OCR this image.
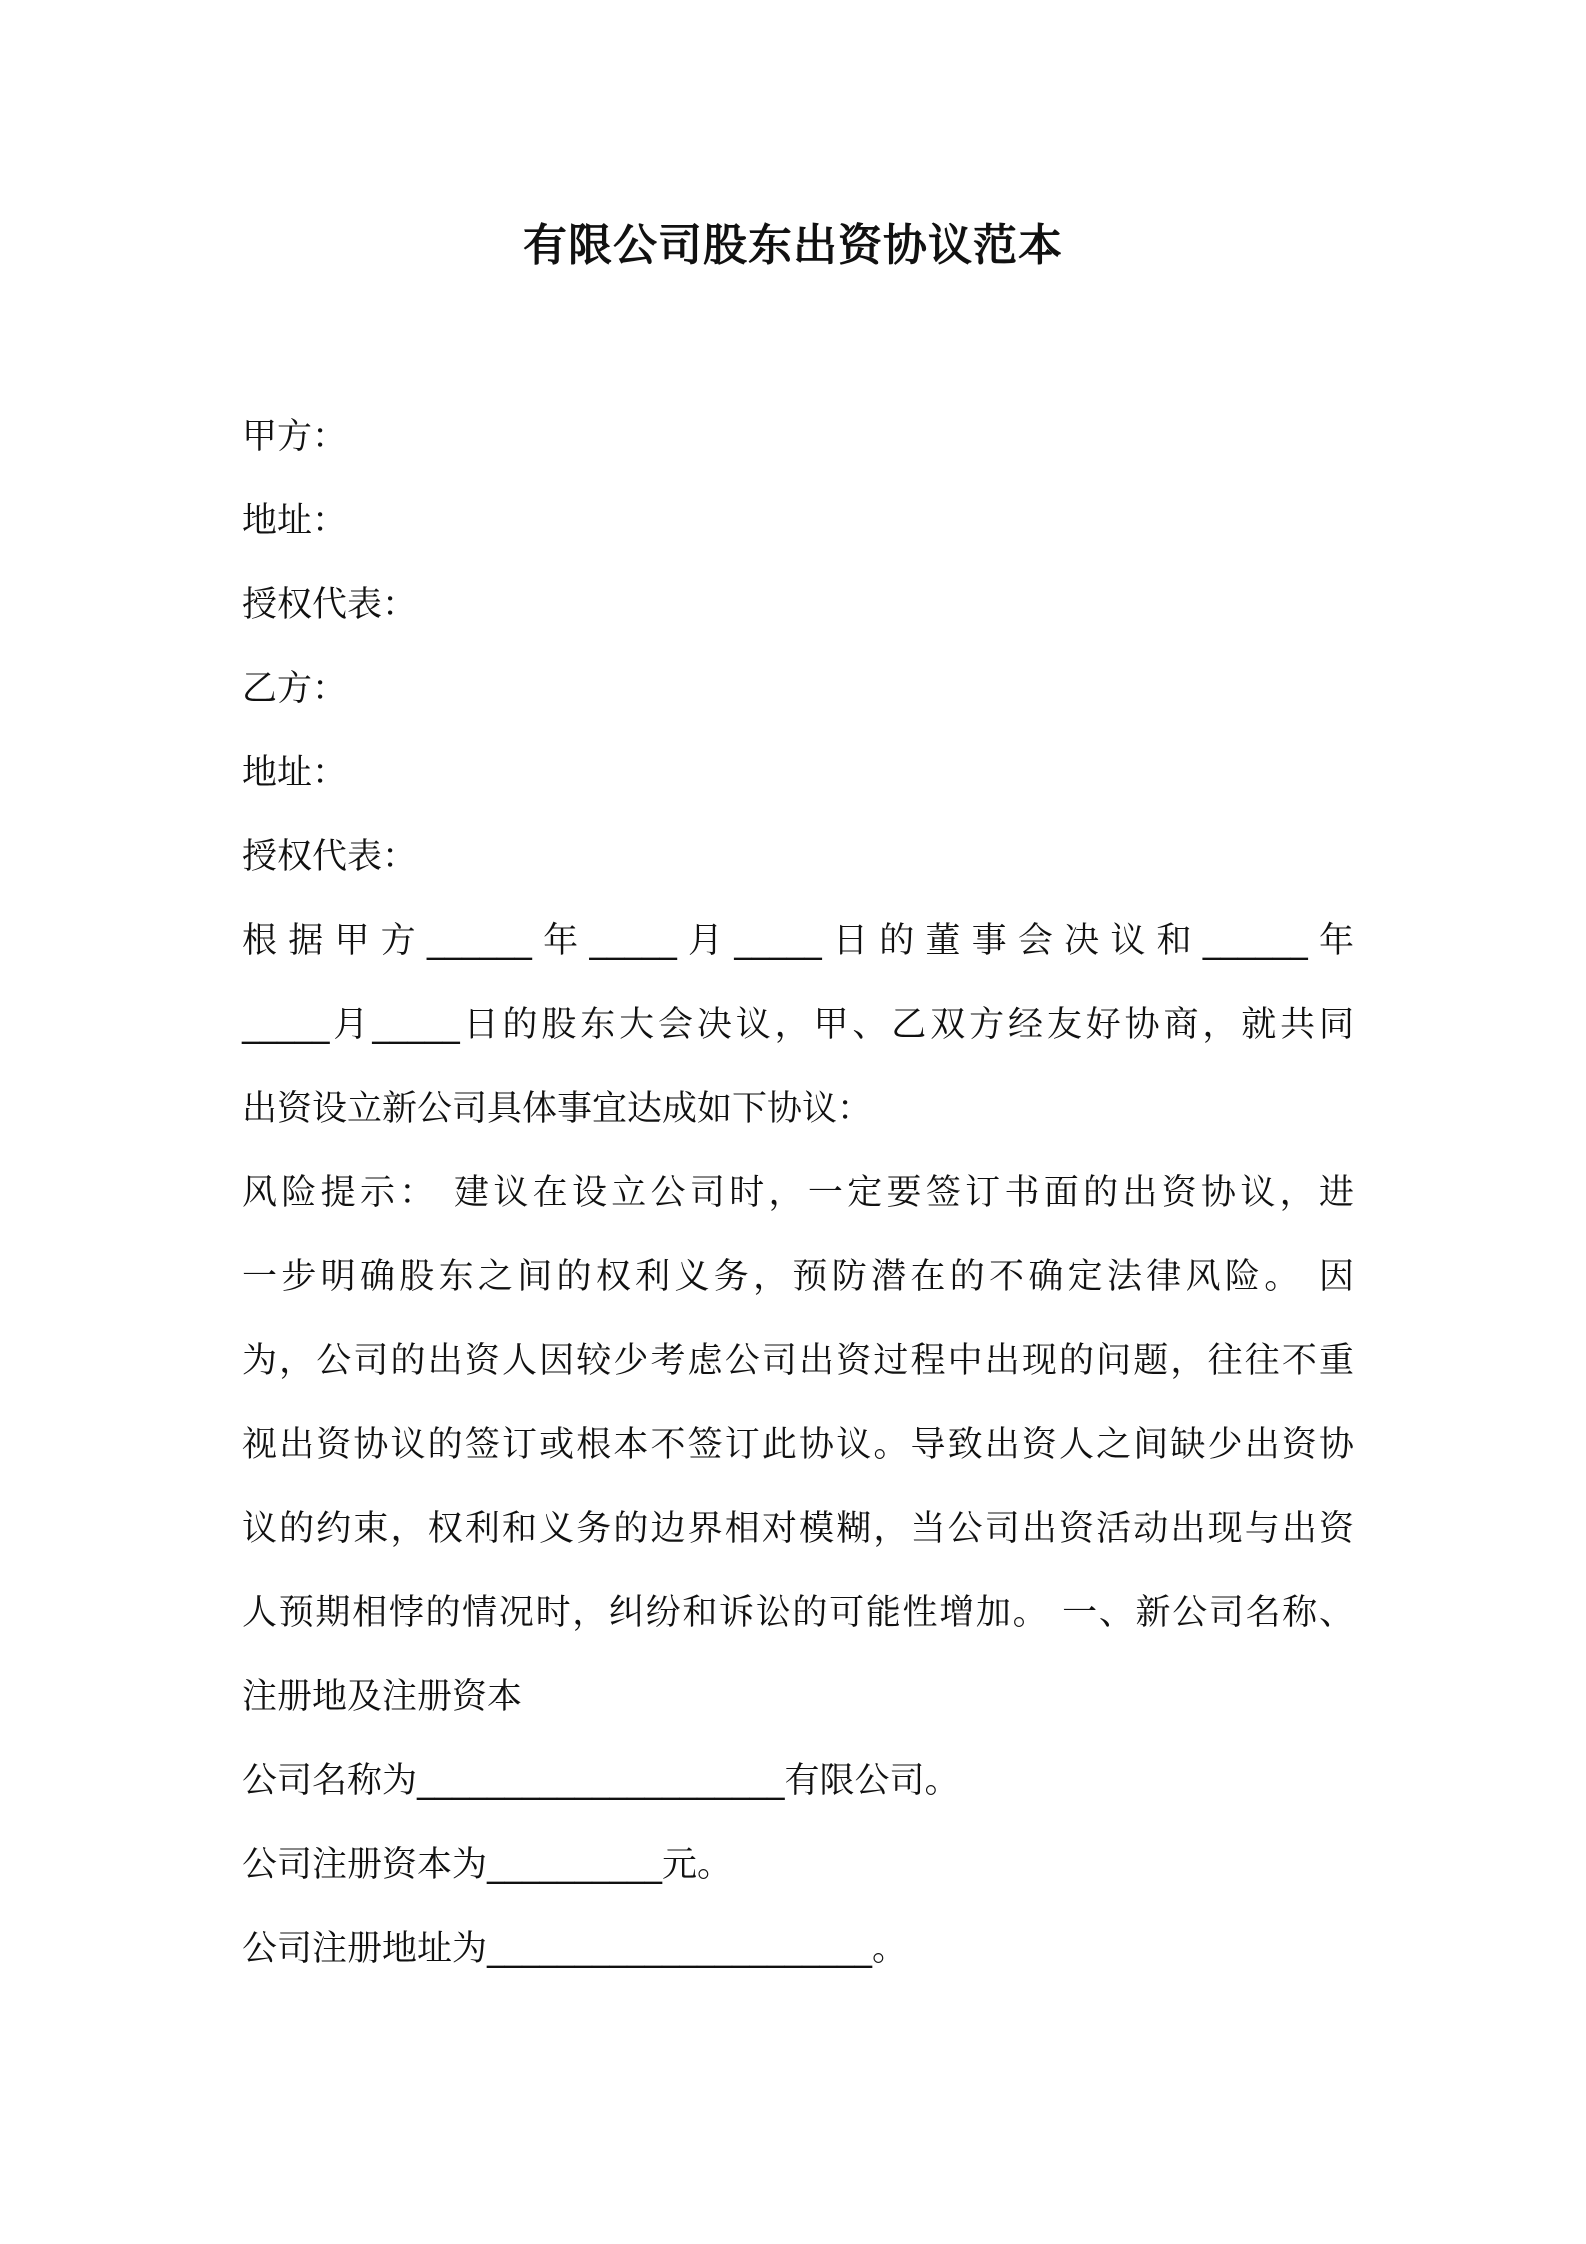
有限公司股东出资协议范本
甲方：
地址：
授权代表：
乙方：
地址：
授权代表：
根据甲方______年_____月_____日的董事会决议和______年
_____月_____日的股东大会决议，甲、乙双方经友好协商，就共同
出资设立新公司具体事宜达成如下协议：
风险提示： 建议在设立公司时，一定要签订书面的出资协议，进
一步明确股东之间的权利义务，预防潜在的不确定法律风险。 因
为，公司的出资人因较少考虑公司出资过程中出现的问题，往往不重
视出资协议的签订或根本不签订此协议。导致出资人之间缺少出资协
议的约束，权利和义务的边界相对模糊，当公司出资活动出现与出资
人预期相悖的情况时，纠纷和诉讼的可能性增加。 一、新公司名称、
注册地及注册资本
公司名称为_____________________有限公司。
公司注册资本为__________元。
公司注册地址为______________________。
